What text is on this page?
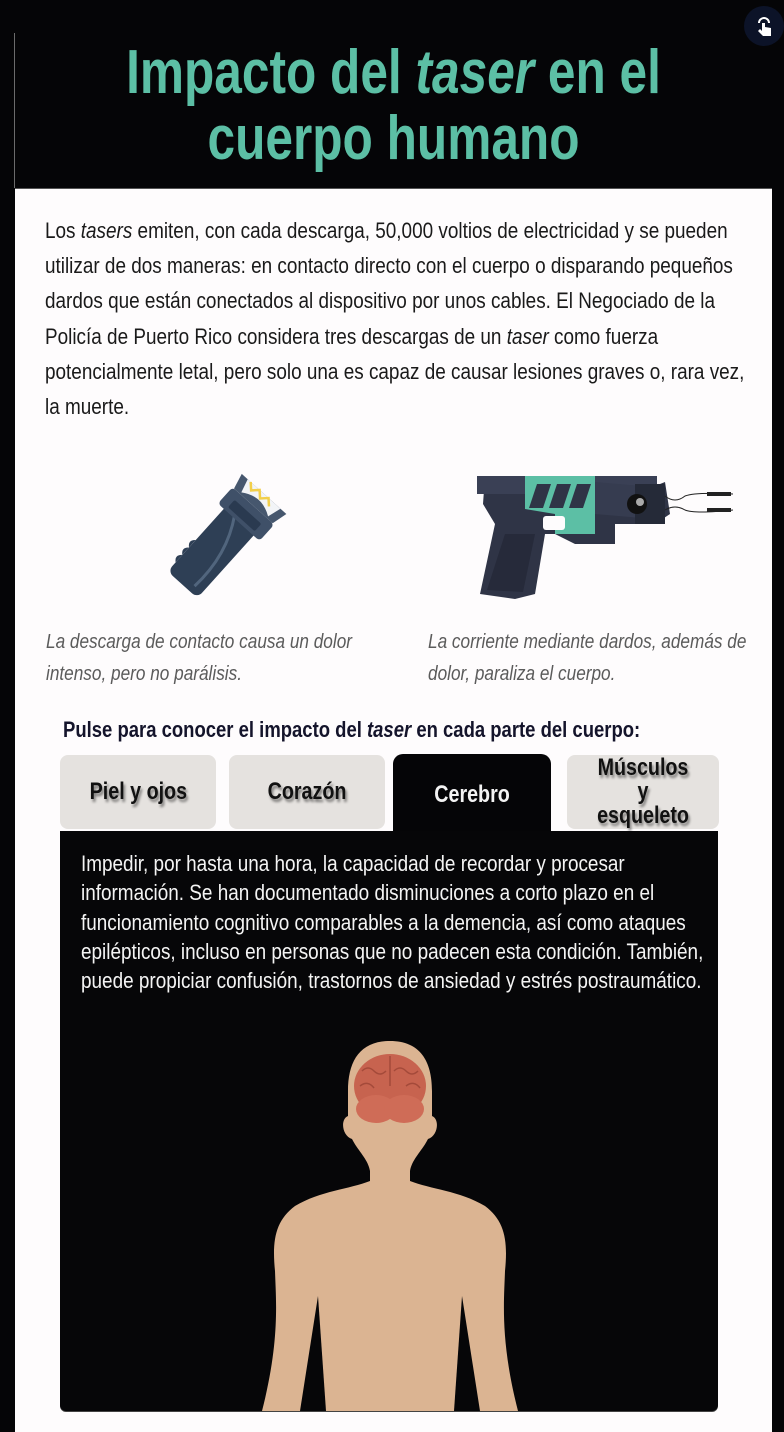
Impacto del taser en el cuerpo humano
Los tasers emiten, con cada descarga, 50,000 voltios de electricidad y se pueden utilizar de dos maneras: en contacto directo con el cuerpo o disparando pequeños dardos que están conectados al dispositivo por unos cables. El Negociado de la Policía de Puerto Rico considera tres descargas de un taser como fuerza potencialmente letal, pero solo una es capaz de causar lesiones graves o, rara vez, la muerte.
La descarga de contacto causa un dolor intenso, pero no parálisis.
La corriente mediante dardos, además de dolor, paraliza el cuerpo.
Pulse para conocer el impacto del taser en cada parte del cuerpo:
Piel y ojos	Corazón	Cerebro
Músculos y esqueleto
Impedir, por hasta una hora, la capacidad de recordar y procesar información. Se han documentado disminuciones a corto plazo en el funcionamiento cognitivo comparables a la demencia, así como ataques epilépticos, incluso en personas que no padecen esta condición. También, puede propiciar confusión, trastornos de ansiedad y estrés postraumático.
